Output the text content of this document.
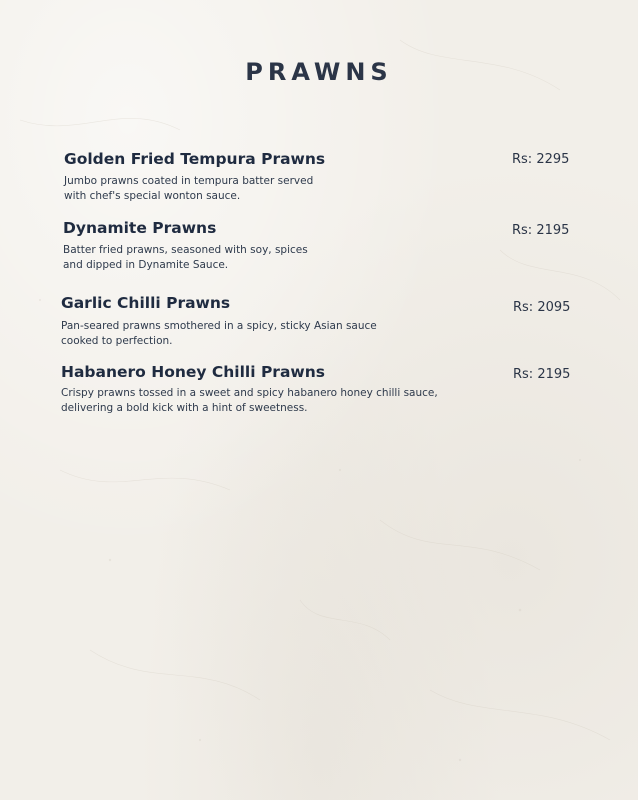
PRAWNS
Golden Fried Tempura Prawns	Rs: 2295
Jumbo prawns coated in tempura batter served
with chef's special wonton sauce.
Dynamite Prawns	Rs: 2195
Batter fried prawns, seasoned with soy, spices
and dipped in Dynamite Sauce.
Garlic Chilli Prawns	Rs: 2095
Pan-seared prawns smothered in a spicy, sticky Asian sauce
cooked to perfection.
Habanero Honey Chilli Prawns	Rs: 2195
Crispy prawns tossed in a sweet and spicy habanero honey chilli sauce,
delivering a bold kick with a hint of sweetness.
